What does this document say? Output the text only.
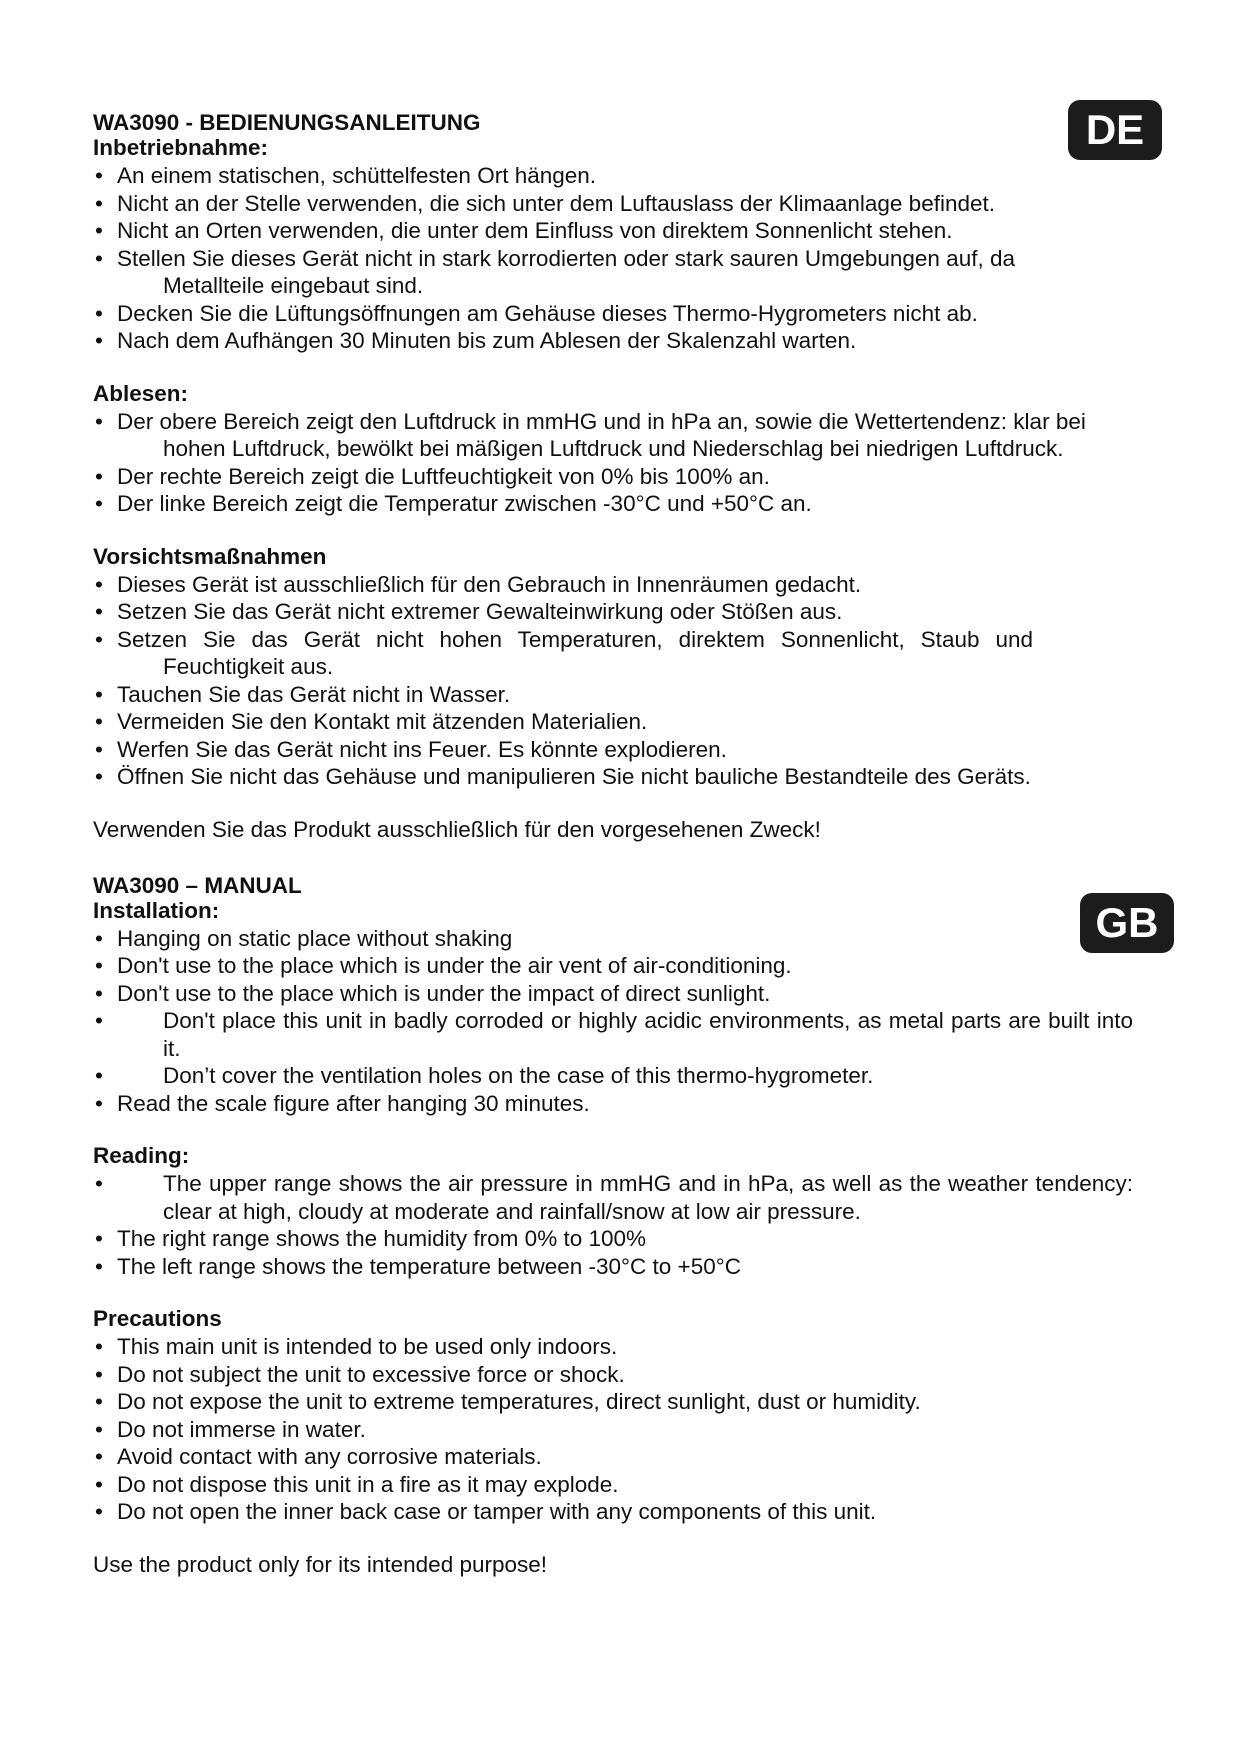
DE
GB
WA3090 - BEDIENUNGSANLEITUNG
Inbetriebnahme:
• An einem statischen, schüttelfesten Ort hängen.
• Nicht an der Stelle verwenden, die sich unter dem Luftauslass der Klimaanlage befindet.
• Nicht an Orten verwenden, die unter dem Einfluss von direktem Sonnenlicht stehen.
• Stellen Sie dieses Gerät nicht in stark korrodierten oder stark sauren Umgebungen auf, da Metallteile eingebaut sind.
• Decken Sie die Lüftungsöffnungen am Gehäuse dieses Thermo-Hygrometers nicht ab.
• Nach dem Aufhängen 30 Minuten bis zum Ablesen der Skalenzahl warten.
Ablesen:
• Der obere Bereich zeigt den Luftdruck in mmHG und in hPa an, sowie die Wettertendenz: klar bei hohen Luftdruck, bewölkt bei mäßigen Luftdruck und Niederschlag bei niedrigen Luftdruck.
• Der rechte Bereich zeigt die Luftfeuchtigkeit von 0% bis 100% an.
• Der linke Bereich zeigt die Temperatur zwischen -30°C und +50°C an.
Vorsichtsmaßnahmen
• Dieses Gerät ist ausschließlich für den Gebrauch in Innenräumen gedacht.
• Setzen Sie das Gerät nicht extremer Gewalteinwirkung oder Stößen aus.
• Setzen Sie das Gerät nicht hohen Temperaturen, direktem Sonnenlicht, Staub und Feuchtigkeit aus.
• Tauchen Sie das Gerät nicht in Wasser.
• Vermeiden Sie den Kontakt mit ätzenden Materialien.
• Werfen Sie das Gerät nicht ins Feuer. Es könnte explodieren.
• Öffnen Sie nicht das Gehäuse und manipulieren Sie nicht bauliche Bestandteile des Geräts.

Verwenden Sie das Produkt ausschließlich für den vorgesehenen Zweck!

WA3090 – MANUAL
Installation:
• Hanging on static place without shaking
• Don't use to the place which is under the air vent of air-conditioning.
• Don't use to the place which is under the impact of direct sunlight.
•	Don't place this unit in badly corroded or highly acidic environments, as metal parts are built into it.
•	Don’t cover the ventilation holes on the case of this thermo-hygrometer.
• Read the scale figure after hanging 30 minutes.
Reading:
•	The upper range shows the air pressure in mmHG and in hPa, as well as the weather tendency: clear at high, cloudy at moderate and rainfall/snow at low air pressure.
• The right range shows the humidity from 0% to 100%
• The left range shows the temperature between -30°C to +50°C
Precautions
• This main unit is intended to be used only indoors.
• Do not subject the unit to excessive force or shock.
• Do not expose the unit to extreme temperatures, direct sunlight, dust or humidity.
• Do not immerse in water.
• Avoid contact with any corrosive materials.
• Do not dispose this unit in a fire as it may explode.
• Do not open the inner back case or tamper with any components of this unit.

Use the product only for its intended purpose!
